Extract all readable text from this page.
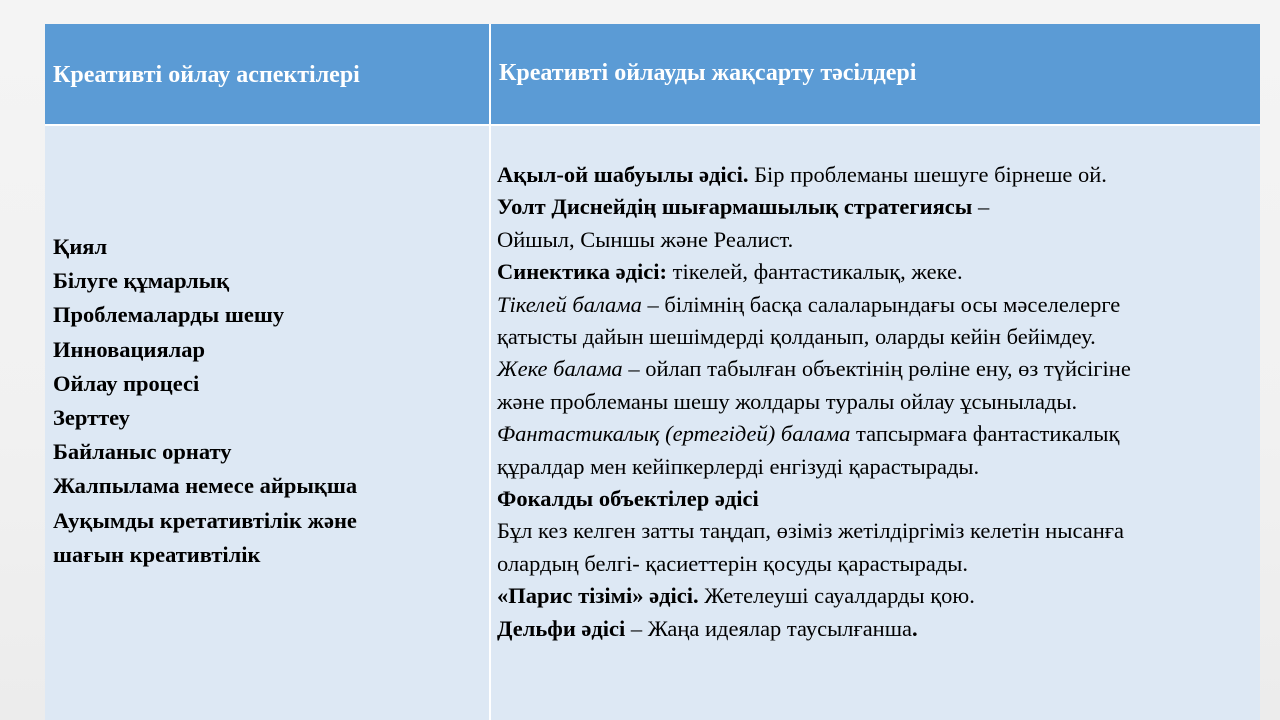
Креативті ойлау аспектілері	Креативті ойлауды жақсарту тәсілдері
Қиял
Білуге құмарлық
Проблемаларды шешу
Инновациялар
Ойлау процесі
Зерттеу
Байланыс орнату
Жалпылама немесе айрықша
Ауқымды кретативтілік және
шағын креативтілік
Ақыл-ой шабуылы әдісі. Бір проблеманы шешуге бірнеше ой.
Уолт Диснейдің шығармашылық стратегиясы –
Ойшыл, Сыншы және Реалист.
Синектика әдісі: тікелей, фантастикалық, жеке.
Тікелей балама – білімнің басқа салаларындағы осы мәселелерге
қатысты дайын шешімдерді қолданып, оларды кейін бейімдеу.
Жеке балама – ойлап табылған объектінің рөліне ену, өз түйсігіне
және проблеманы шешу жолдары туралы ойлау ұсынылады.
Фантастикалық (ертегідей) балама тапсырмаға фантастикалық
құралдар мен кейіпкерлерді енгізуді қарастырады.
Фокалды объектілер әдісі
Бұл кез келген затты таңдап, өзіміз жетілдіргіміз келетін нысанға
олардың белгі- қасиеттерін қосуды қарастырады.
«Парис тізімі» әдісі. Жетелеуші сауалдарды қою.
Дельфи әдісі – Жаңа идеялар таусылғанша.
